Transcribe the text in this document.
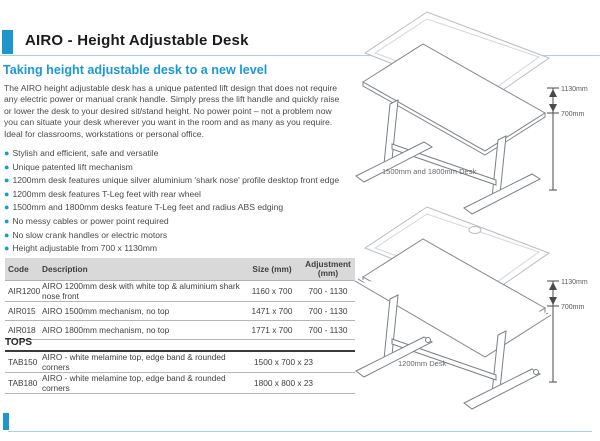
AIRO - Height Adjustable Desk
Taking height adjustable desk to a new level
The AIRO height adjustable desk has a unique patented lift design that does not require any electric power or manual crank handle. Simply press the lift handle and quickly raise or lower the desk to your desired sit/stand height. No power point – not a problem now you can situate your desk wherever you want in the room and as many as you require. Ideal for classrooms, workstations or personal office.
● Stylish and efficient, safe and versatile
● Unique patented lift mechanism
● 1200mm desk features unique silver aluminium 'shark nose' profile desktop front edge
● 1200mm desk features T-Leg feet with rear wheel
● 1500mm and 1800mm desks feature T-Leg feet and radius ABS edging
● No messy cables or power point required
● No slow crank handles or electric motors
● Height adjustable from 700 x 1130mm
Code	Description	Size (mm)	Adjustment (mm)
AIR1200	AIRO 1200mm desk with white top & aluminium shark nose front	1160 x 700	700 - 1130
AIR015	AIRO 1500mm mechanism, no top	1471 x 700	700 - 1130
AIR018	AIRO 1800mm mechanism, no top	1771 x 700	700 - 1130
TOPS
TAB150	AIRO - white melamine top, edge band & rounded corners	1500 x 700 x 23
TAB180	AIRO - white melamine top, edge band & rounded corners	1800 x 800 x 23
1130mm
700mm
1500mm and 1800mm Desk
1130mm
700mm
1200mm Desk
